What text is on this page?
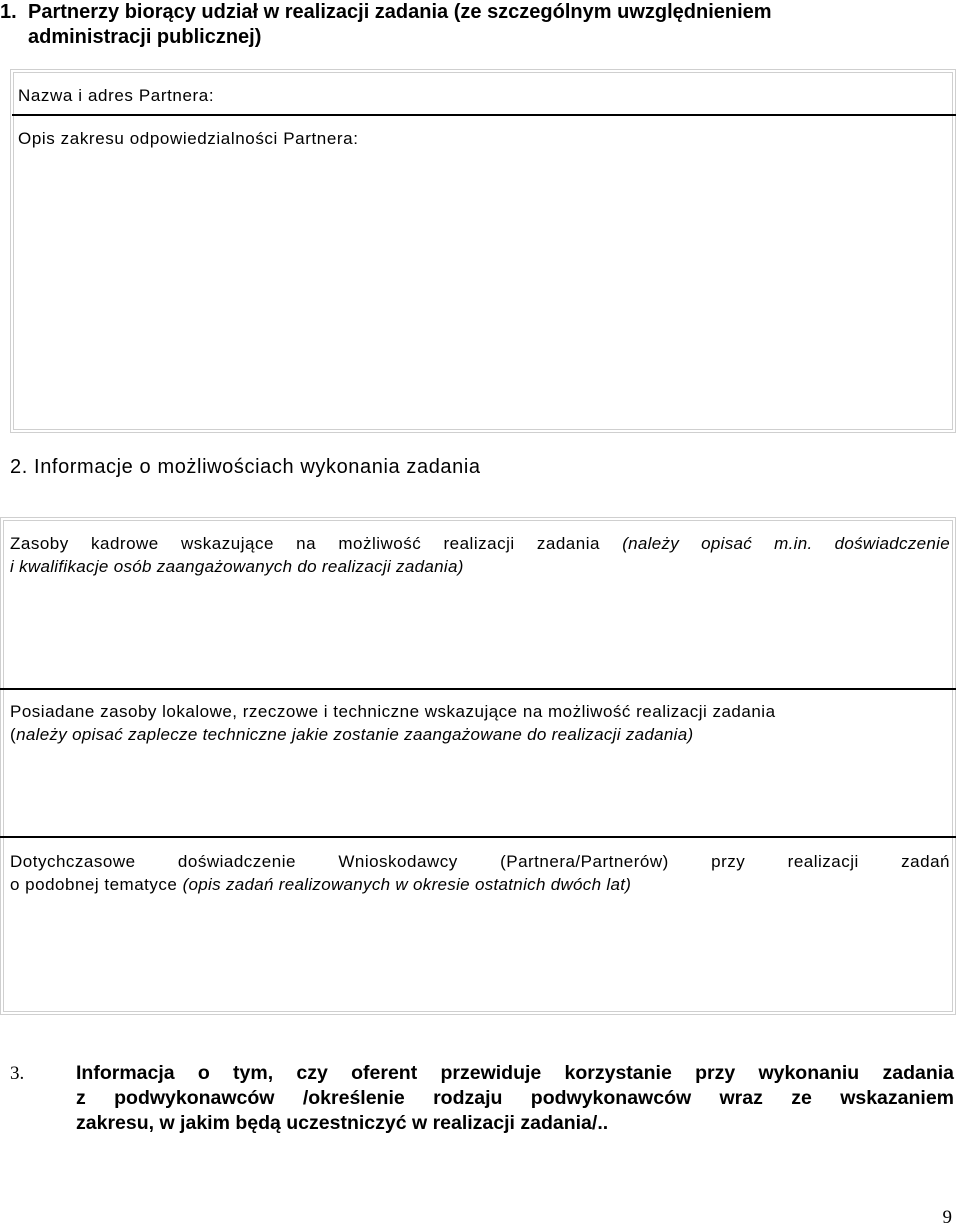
1. Partnerzy biorący udział w realizacji zadania (ze szczególnym uwzględnieniem
administracji publicznej)
Nazwa i adres Partnera:
Opis zakresu odpowiedzialności Partnera:
2. Informacje o możliwościach wykonania zadania
Zasoby kadrowe wskazujące na możliwość realizacji zadania (należy opisać m.in. doświadczenie
i kwalifikacje osób zaangażowanych do realizacji zadania)
Posiadane zasoby lokalowe, rzeczowe i techniczne wskazujące na możliwość realizacji zadania
(należy opisać zaplecze techniczne jakie zostanie zaangażowane do realizacji zadania)
Dotychczasowe doświadczenie Wnioskodawcy (Partnera/Partnerów) przy realizacji zadań
o podobnej tematyce (opis zadań realizowanych w okresie ostatnich dwóch lat)
3.	Informacja o tym, czy oferent przewiduje korzystanie przy wykonaniu zadania
z podwykonawców /określenie rodzaju podwykonawców wraz ze wskazaniem
zakresu, w jakim będą uczestniczyć w realizacji zadania/..
9
